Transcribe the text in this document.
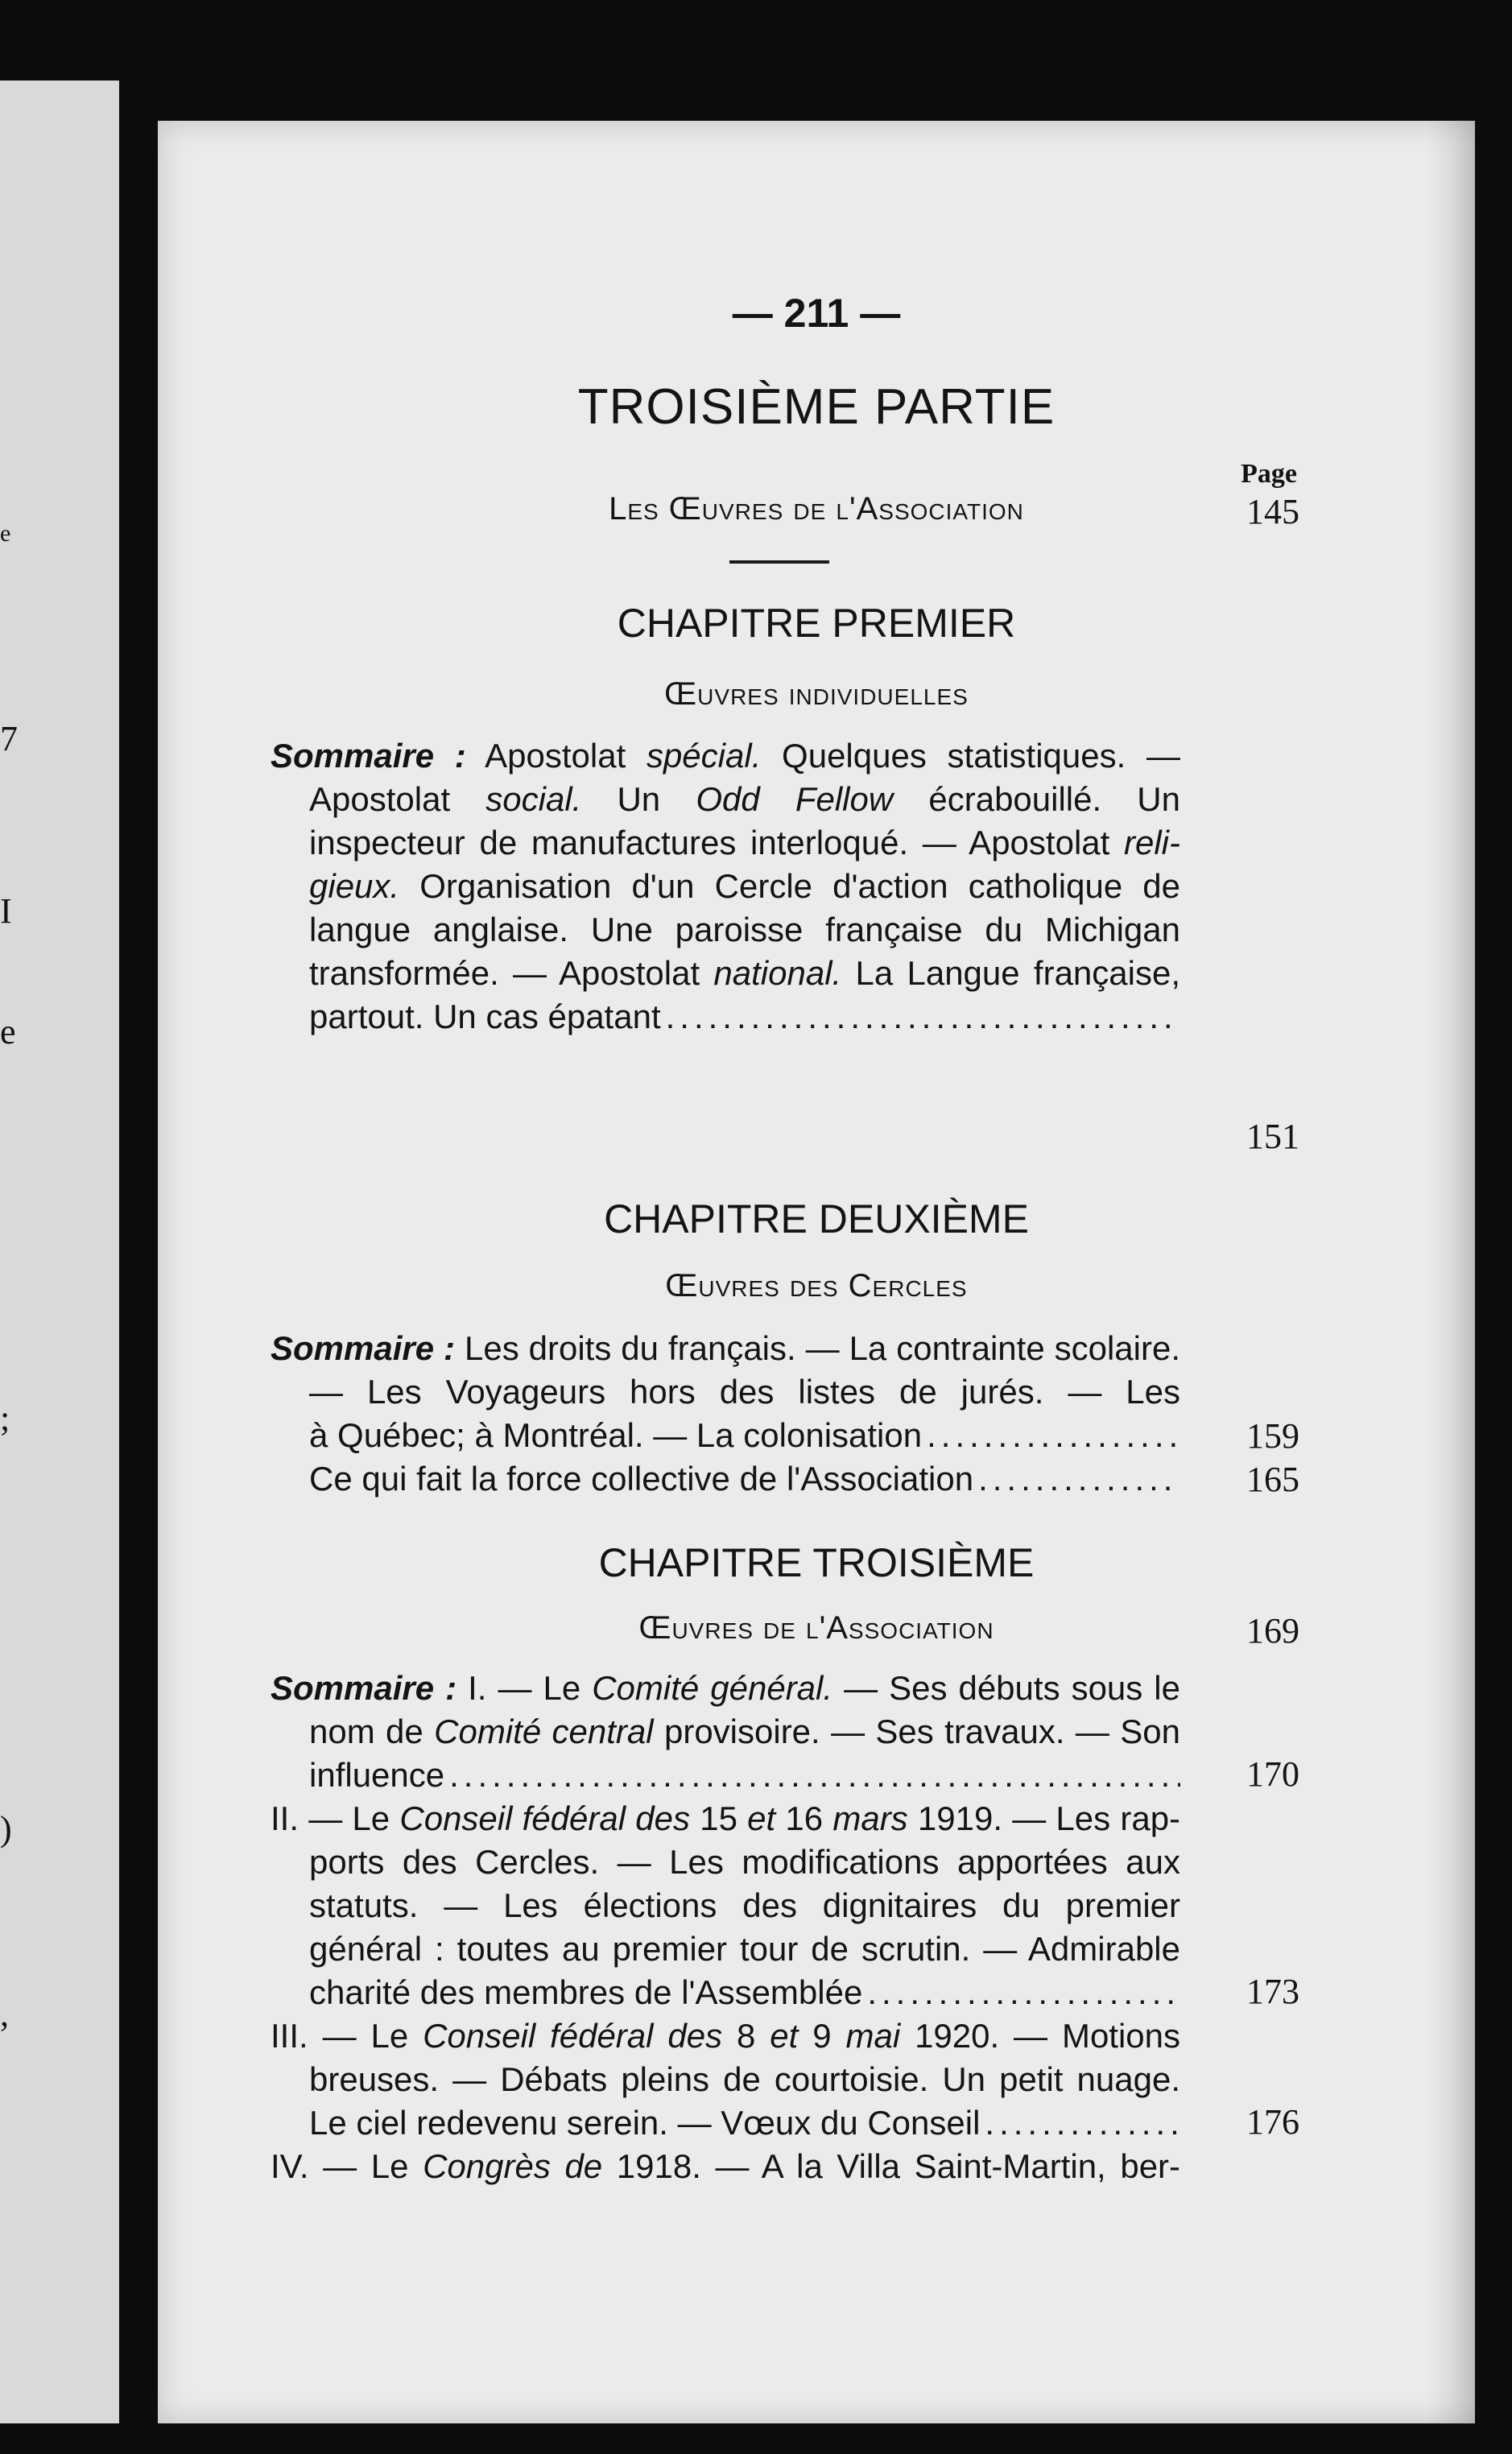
e
7
I
e
;
)
,
— 211 —
TROISIÈME PARTIE
Les Œuvres de l'Association
Page
145
CHAPITRE PREMIER
Œuvres individuelles
Sommaire : Apostolat spécial. Quelques statistiques. —
Apostolat social. Un Odd Fellow écrabouillé. Un
inspecteur de manufactures interloqué. — Apostolat reli-
gieux. Organisation d'un Cercle d'action catholique de
langue anglaise. Une paroisse française du Michigan
transformée. — Apostolat national. La Langue française,
partout. Un cas épatant
.....
151
CHAPITRE DEUXIÈME
Œuvres des Cercles
Sommaire : Les droits du français. — La contrainte scolaire.
— Les Voyageurs hors des listes de jurés. — Les
à Québec; à Montréal. — La colonisation
.....
Ce qui fait la force collective de l'Association
.....
159
165
CHAPITRE TROISIÈME
Œuvres de l'Association	169
Sommaire : I. — Le Comité général. — Ses débuts sous le
nom de Comité central provisoire. — Ses travaux. — Son
influence
.....
II. — Le Conseil fédéral des 15 et 16 mars 1919. — Les rap-
ports des Cercles. — Les modifications apportées aux
statuts. — Les élections des dignitaires du premier
général : toutes au premier tour de scrutin. — Admirable
charité des membres de l'Assemblée
.....
III. — Le Conseil fédéral des 8 et 9 mai 1920. — Motions
breuses. — Débats pleins de courtoisie. Un petit nuage.
Le ciel redevenu serein. — Vœux du Conseil
.....
IV. — Le Congrès de 1918. — A la Villa Saint-Martin, ber-
170
173
176
